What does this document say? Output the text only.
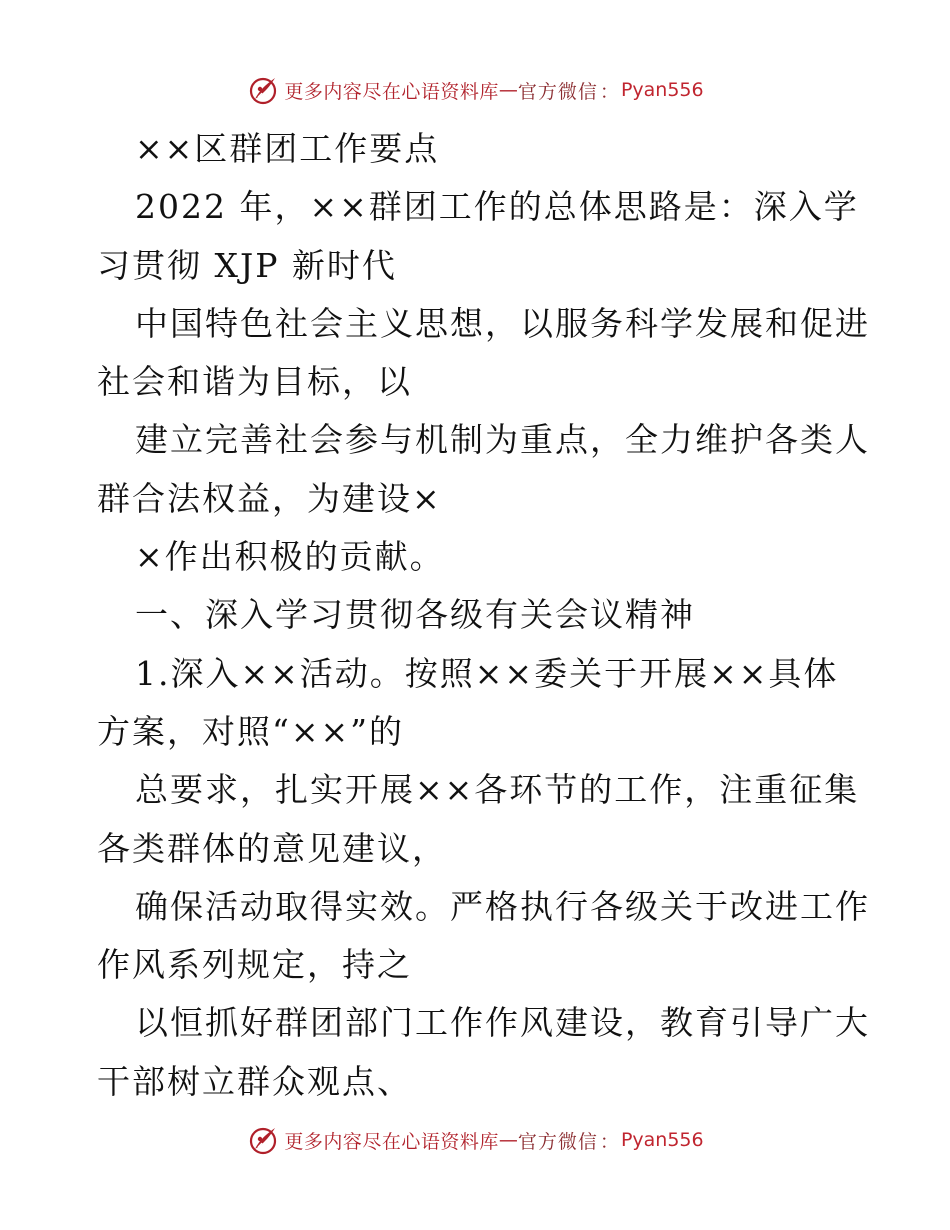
更多内容尽在心语资料库 — 官方微信 ： Pyan556
××区群团工作要点
2022 年，××群团工作的总体思路是：深入学
习贯彻 XJP 新时代
中国特色社会主义思想，以服务科学发展和促进
社会和谐为目标，以
建立完善社会参与机制为重点，全力维护各类人
群合法权益，为建设×
×作出积极的贡献。
一、深入学习贯彻各级有关会议精神
1.深入××活动。按照××委关于开展××具体
方案，对照“××”的
总要求，扎实开展××各环节的工作，注重征集
各类群体的意见建议，
确保活动取得实效。严格执行各级关于改进工作
作风系列规定，持之
以恒抓好群团部门工作作风建设，教育引导广大
干部树立群众观点、
更多内容尽在心语资料库 — 官方微信 ： Pyan556
